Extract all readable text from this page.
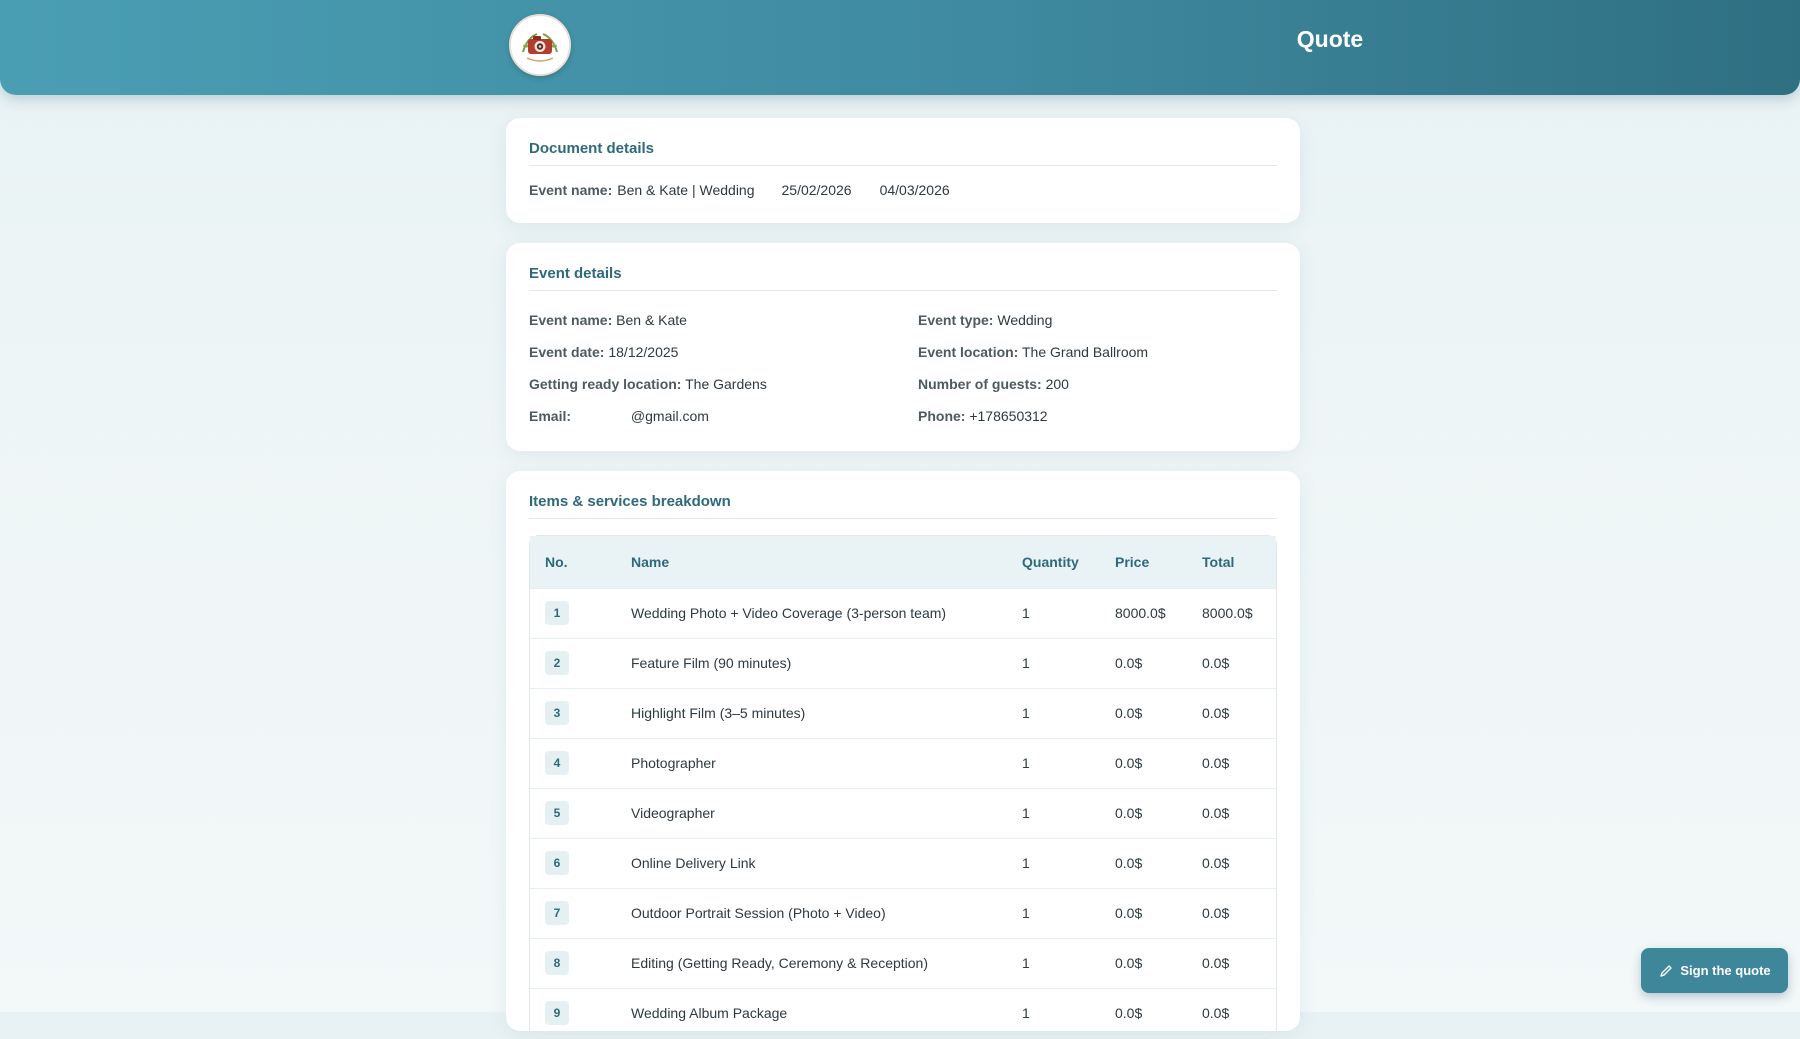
Quote
Document details
Event name: Ben & Kate | Wedding 25/02/2026 04/03/2026
Event details
Event name: Ben & Kate	Event type: Wedding
Event date: 18/12/2025	Event location: The Grand Ballroom
Getting ready location: The Gardens	Number of guests: 200
Email:	@gmail.com	Phone: +178650312
Items & services breakdown
No.	Name	Quantity	Price	Total
1	Wedding Photo + Video Coverage (3-person team)	1	8000.0$	8000.0$
2	Feature Film (90 minutes)	1	0.0$	0.0$
3	Highlight Film (3–5 minutes)	1	0.0$	0.0$
4	Photographer	1	0.0$	0.0$
5	Videographer	1	0.0$	0.0$
6	Online Delivery Link	1	0.0$	0.0$
7	Outdoor Portrait Session (Photo + Video)	1	0.0$	0.0$
8	Editing (Getting Ready, Ceremony & Reception)	1	0.0$	0.0$
9	Wedding Album Package	1	0.0$	0.0$
Sign the quote
